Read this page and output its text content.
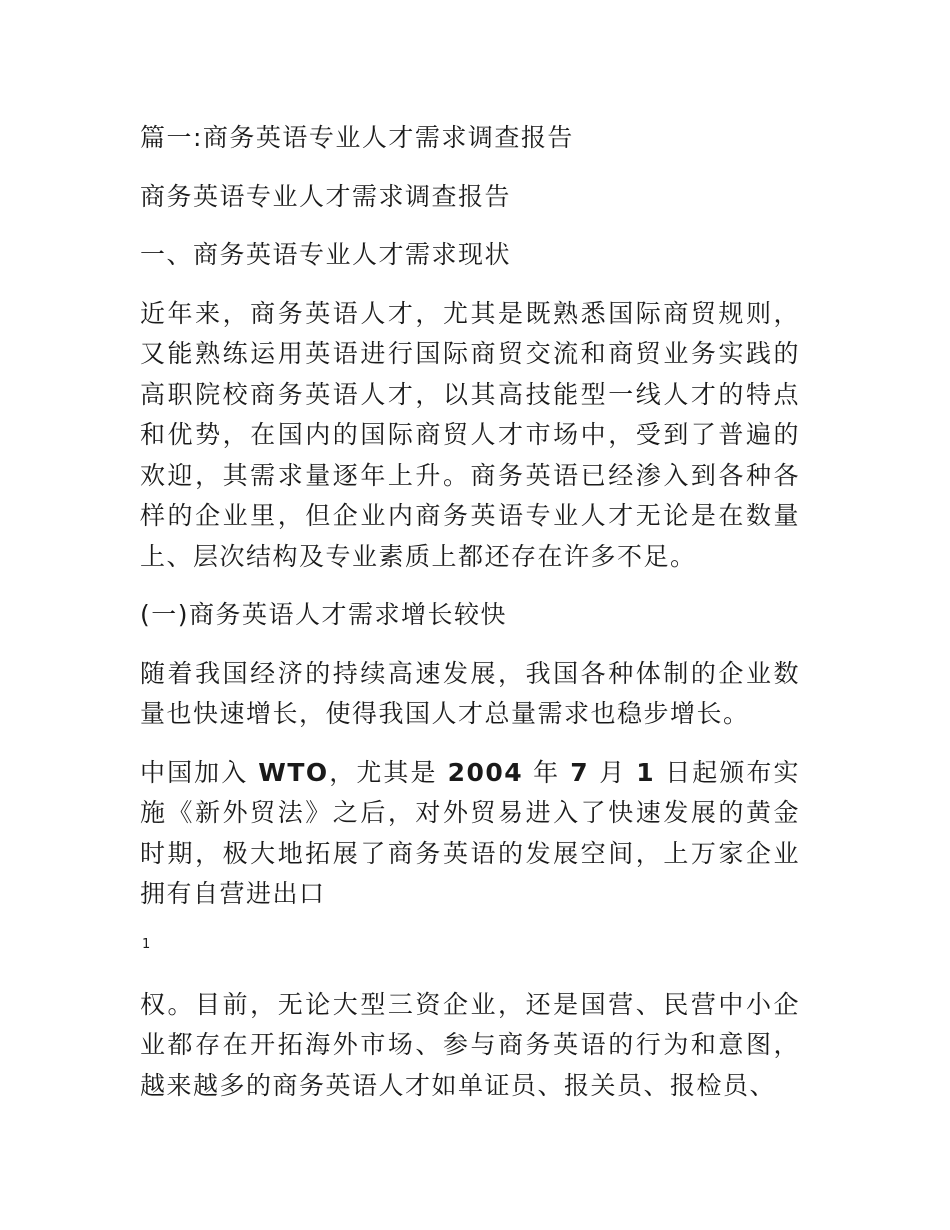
篇一:商务英语专业人才需求调查报告

商务英语专业人才需求调查报告

一、商务英语专业人才需求现状

近年来，商务英语人才，尤其是既熟悉国际商贸规则，又能熟练运用英语进行国际商贸交流和商贸业务实践的高职院校商务英语人才，以其高技能型一线人才的特点和优势，在国内的国际商贸人才市场中，受到了普遍的欢迎，其需求量逐年上升。商务英语已经渗入到各种各样的企业里，但企业内商务英语专业人才无论是在数量上、层次结构及专业素质上都还存在许多不足。

(一)商务英语人才需求增长较快

随着我国经济的持续高速发展，我国各种体制的企业数量也快速增长，使得我国人才总量需求也稳步增长。

中国加入 WTO，尤其是 2004 年 7 月 1 日起颁布实施《新外贸法》之后，对外贸易进入了快速发展的黄金时期，极大地拓展了商务英语的发展空间，上万家企业拥有自营进出口

1

权。目前，无论大型三资企业，还是国营、民营中小企业都存在开拓海外市场、参与商务英语的行为和意图，越来越多的商务英语人才如单证员、报关员、报检员、
